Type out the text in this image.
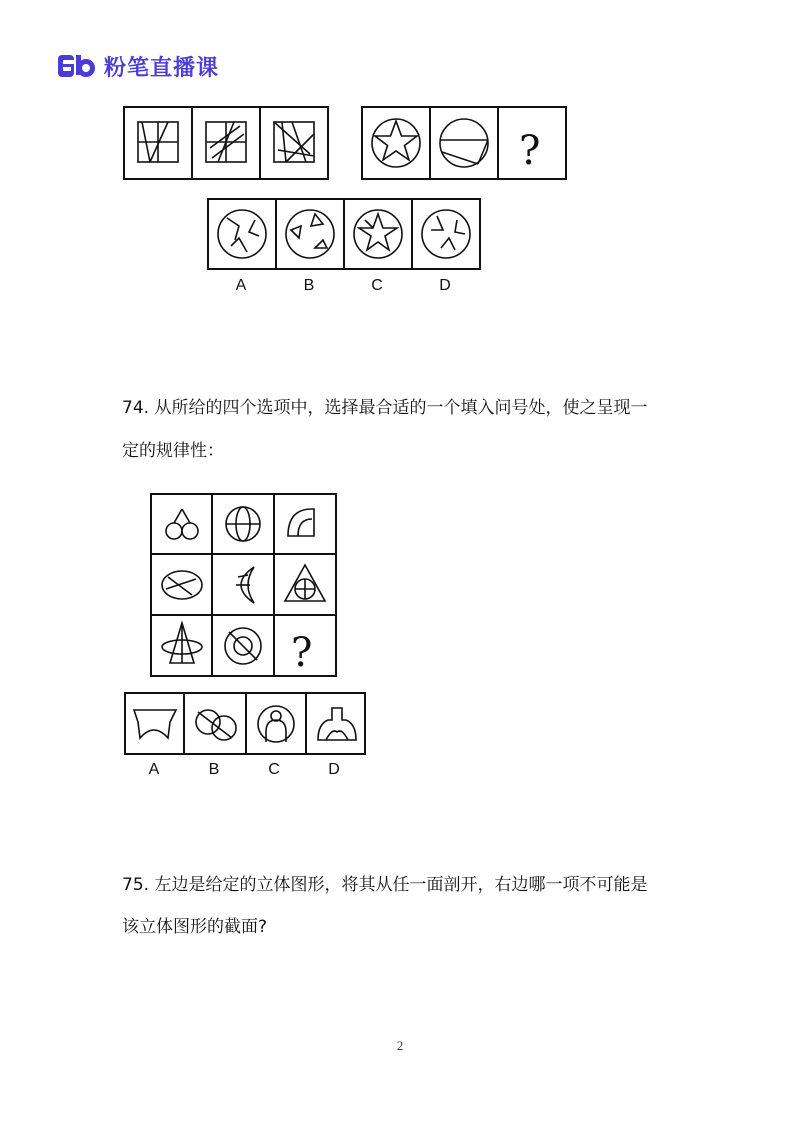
粉笔直播课
?
A	B	C	D
74. 从所给的四个选项中，选择最合适的一个填入问号处，使之呈现一
定的规律性：
?
A	B	C	D
75. 左边是给定的立体图形，将其从任一面剖开，右边哪一项不可能是
该立体图形的截面?
2
